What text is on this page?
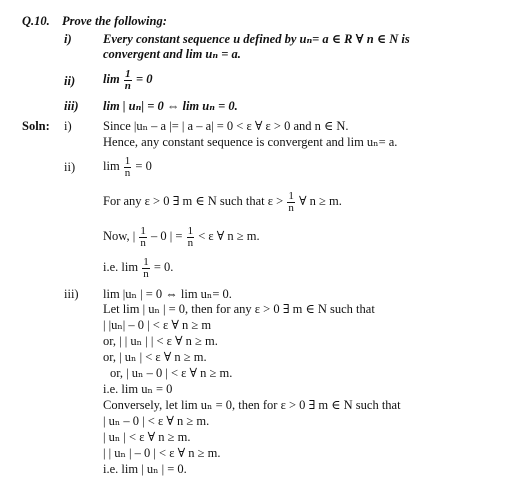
Q.10. Prove the following:
i)	Every constant sequence u defined by uₙ= a ∈ R ∀ n ∈ N is
convergent and lim uₙ = a.
ii) $\lim \frac{1}{n} = 0$
iii) lim | uₙ| = 0 ⇔ lim uₙ = 0.
Soln: i)	Since |uₙ – a |= | a – a| = 0 < ε ∀ ε > 0 and n ∈ N.
Hence, any constant sequence is convergent and lim uₙ= a.
ii) $\lim \frac{1}{n} = 0$
For any ε > 0 ∃ m ∈ N such that $\varepsilon > \frac{1}{n}$ ∀ n ≥ m.
Now, | $\frac{1}{n} - 0$ | = $\frac{1}{n} < \varepsilon$ ∀ n ≥ m.
i.e. $\lim \frac{1}{n} = 0$.
iii) lim |uₙ | = 0 ⇔ lim uₙ= 0.
Let lim | uₙ | = 0, then for any ε > 0 ∃ m ∈ N such that
| |uₙ| – 0 | < ε ∀ n ≥ m
or, | | uₙ | | < ε ∀ n ≥ m.
or, | uₙ | < ε ∀ n ≥ m.
or, | uₙ – 0 | < ε ∀ n ≥ m.
i.e. lim uₙ = 0
Conversely, let lim uₙ = 0, then for ε > 0 ∃ m ∈ N such that
| uₙ – 0 | < ε ∀ n ≥ m.
| uₙ | < ε ∀ n ≥ m.
| | uₙ | – 0 | < ε ∀ n ≥ m.
i.e. lim | uₙ | = 0.
